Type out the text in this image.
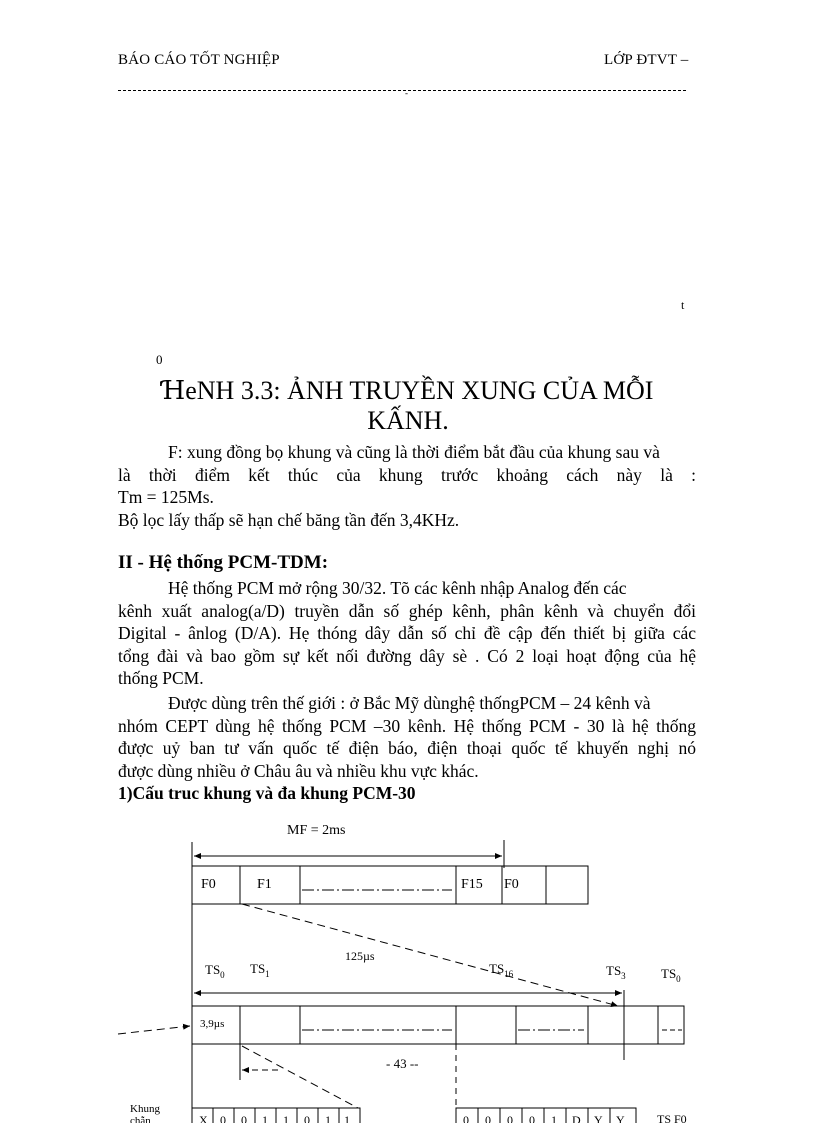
BÁO CÁO TỐT NGHIỆP	LỚP ĐTVT –
-
t
0
ꞪeNH 3.3: ẢNH TRUYỀN XUNG CỦA MỖI
KẤNH.

F: xung đồng bọ khung và cũng là thời điểm bắt đầu của khung sau và

là thời điểm kết thúc của khung trước khoảng cách này là :

Tm = 125Ms.

Bộ lọc lấy thấp sẽ hạn chế băng tần đến 3,4KHz.

II - Hệ thống PCM-TDM:

Hệ thống PCM mở rộng 30/32. Tõ các kênh nhập Analog đến các

kênh xuất analog(a/D) truyền dẫn số ghép kênh, phân kênh và chuyển đổi

Digital - ânlog (D/A). Hẹ thóng dây dẫn số chỉ đề cập đến thiết bị giữa các

tổng đài và bao gồm sự kết nối đường dây sè . Có 2 loại hoạt động của hệ

thống PCM.

Được dùng trên thế giới : ở Bắc Mỹ dùnghệ thốngPCM – 24 kênh và

nhóm CEPT dùng hệ thống PCM –30 kênh. Hệ thống PCM - 30 là hệ thống

được uỷ ban tư vấn quốc tế điện báo, điện thoại quốc tế khuyến nghị nó

được dùng nhiều ở Châu âu và nhiều khu vực khác.

1)Cấu truc khung và đa khung PCM-30
MF = 2ms
F0	F1	F15 F0
125µs
$TS_0$ $TS_1$	$TS_{16}$	$TS_3$	$TS_0$
3,9µs
- 43 --
Khung
chẵn	X 0 0 1 1 0 1 1	0 0 0 0 1 D Y Y	TS F0
